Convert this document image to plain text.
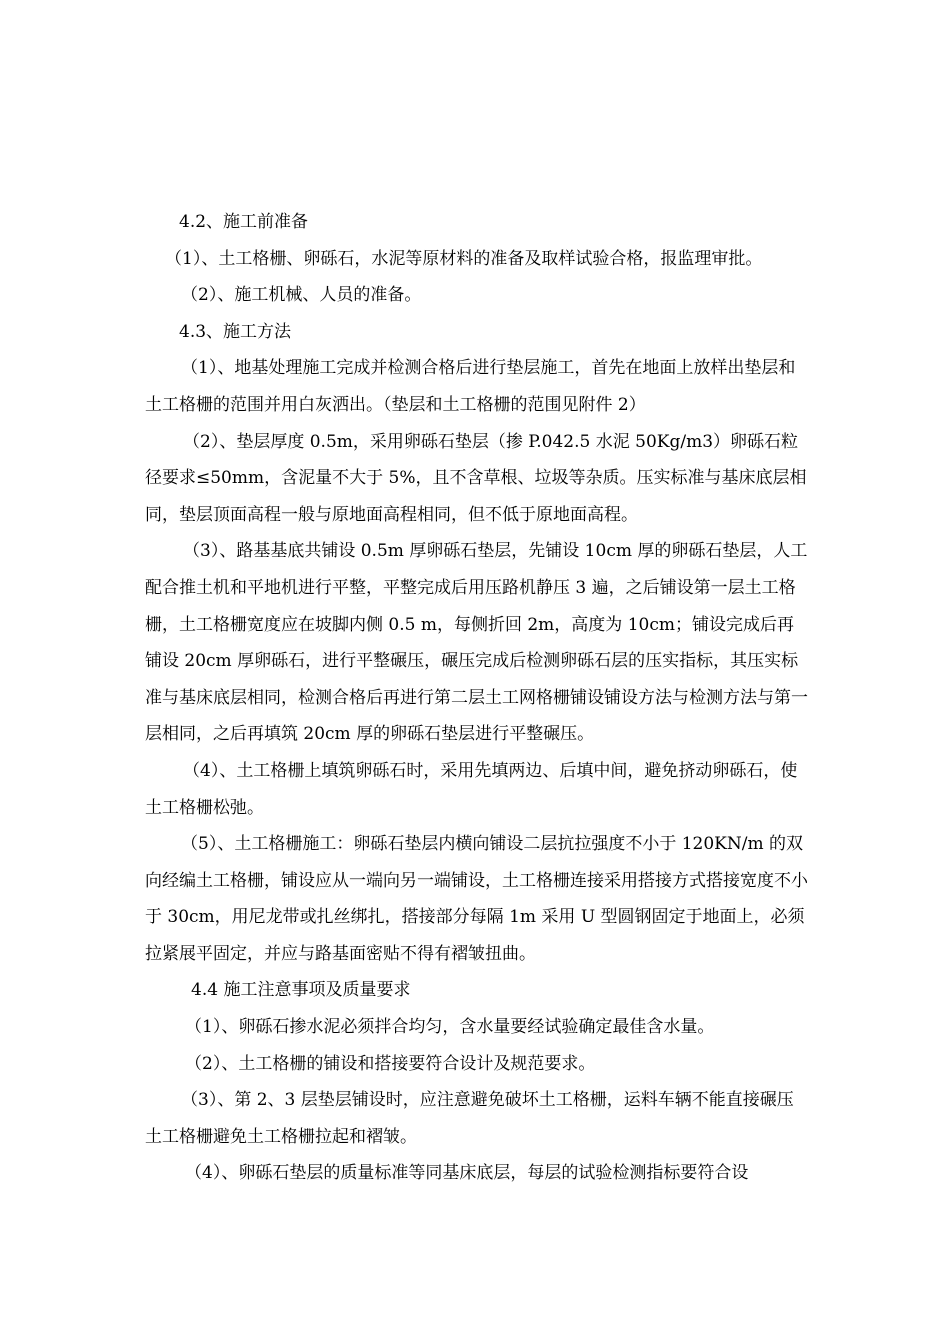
4.2、施工前准备

（1）、土工格栅、卵砾石，水泥等原材料的准备及取样试验合格，报监理审批。

（2）、施工机械、人员的准备。

4.3、施工方法

（1）、地基处理施工完成并检测合格后进行垫层施工，首先在地面上放样出垫层和土工格栅的范围并用白灰洒出。（垫层和土工格栅的范围见附件 2）

（2）、垫层厚度 0.5m，采用卵砾石垫层（掺 P.042.5 水泥 50Kg/m3）卵砾石粒径要求≤50mm，含泥量不大于 5%，且不含草根、垃圾等杂质。压实标准与基床底层相同，垫层顶面高程一般与原地面高程相同，但不低于原地面高程。

（3）、路基基底共铺设 0.5m 厚卵砾石垫层，先铺设 10cm 厚的卵砾石垫层，人工配合推土机和平地机进行平整，平整完成后用压路机静压 3 遍，之后铺设第一层土工格栅，土工格栅宽度应在坡脚内侧 0.5 m，每侧折回 2m，高度为 10cm；铺设完成后再铺设 20cm 厚卵砾石，进行平整碾压，碾压完成后检测卵砾石层的压实指标，其压实标准与基床底层相同，检测合格后再进行第二层土工网格栅铺设铺设方法与检测方法与第一层相同，之后再填筑 20cm 厚的卵砾石垫层进行平整碾压。

（4）、土工格栅上填筑卵砾石时，采用先填两边、后填中间，避免挤动卵砾石，使土工格栅松弛。

（5）、土工格栅施工：卵砾石垫层内横向铺设二层抗拉强度不小于 120KN/m 的双向经编土工格栅，铺设应从一端向另一端铺设，土工格栅连接采用搭接方式搭接宽度不小于 30cm，用尼龙带或扎丝绑扎，搭接部分每隔 1m 采用 U 型圆钢固定于地面上，必须拉紧展平固定，并应与路基面密贴不得有褶皱扭曲。

4.4 施工注意事项及质量要求

（1）、卵砾石掺水泥必须拌合均匀，含水量要经试验确定最佳含水量。

（2）、土工格栅的铺设和搭接要符合设计及规范要求。

（3）、第 2、3 层垫层铺设时，应注意避免破坏土工格栅，运料车辆不能直接碾压土工格栅避免土工格栅拉起和褶皱。

（4）、卵砾石垫层的质量标准等同基床底层，每层的试验检测指标要符合设
